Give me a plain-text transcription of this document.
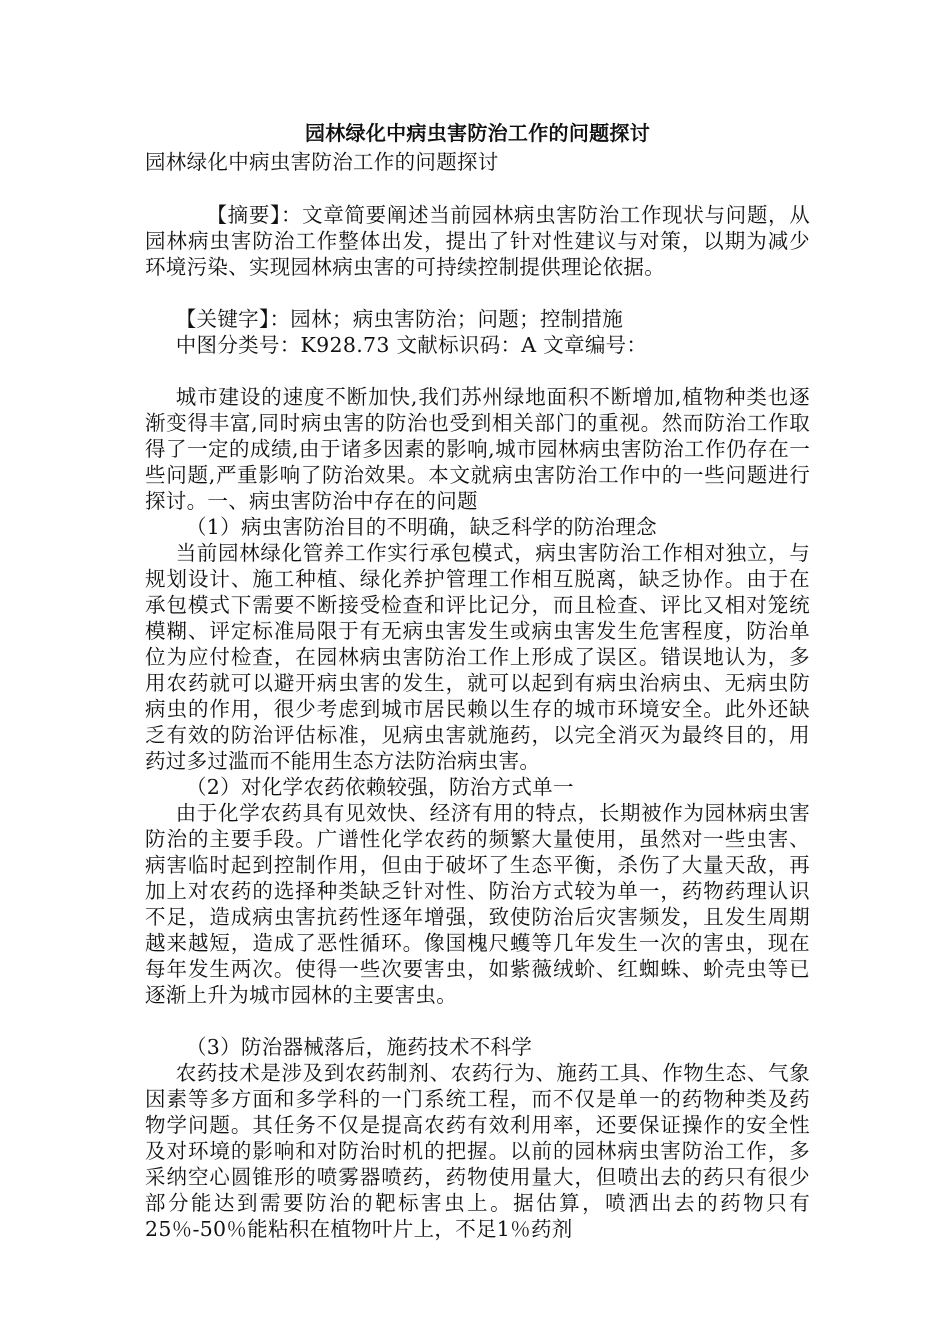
园林绿化中病虫害防治工作的问题探讨

园林绿化中病虫害防治工作的问题探讨

【摘要】：文章简要阐述当前园林病虫害防治工作现状与问题，从园林病虫害防治工作整体出发，提出了针对性建议与对策，以期为减少环境污染、实现园林病虫害的可持续控制提供理论依据。

【关键字】：园林；病虫害防治；问题；控制措施

中图分类号：K928.73 文献标识码：A 文章编号：

城市建设的速度不断加快,我们苏州绿地面积不断增加,植物种类也逐渐变得丰富,同时病虫害的防治也受到相关部门的重视。然而防治工作取得了一定的成绩,由于诸多因素的影响,城市园林病虫害防治工作仍存在一些问题,严重影响了防治效果。本文就病虫害防治工作中的一些问题进行探讨。一、病虫害防治中存在的问题

（1）病虫害防治目的不明确，缺乏科学的防治理念

当前园林绿化管养工作实行承包模式，病虫害防治工作相对独立，与规划设计、施工种植、绿化养护管理工作相互脱离，缺乏协作。由于在承包模式下需要不断接受检查和评比记分，而且检查、评比又相对笼统模糊、评定标准局限于有无病虫害发生或病虫害发生危害程度，防治单位为应付检查，在园林病虫害防治工作上形成了误区。错误地认为，多用农药就可以避开病虫害的发生，就可以起到有病虫治病虫、无病虫防病虫的作用，很少考虑到城市居民赖以生存的城市环境安全。此外还缺乏有效的防治评估标准，见病虫害就施药，以完全消灭为最终目的，用药过多过滥而不能用生态方法防治病虫害。

（2）对化学农药依赖较强，防治方式单一

由于化学农药具有见效快、经济有用的特点，长期被作为园林病虫害防治的主要手段。广谱性化学农药的频繁大量使用，虽然对一些虫害、病害临时起到控制作用，但由于破坏了生态平衡，杀伤了大量天敌，再加上对农药的选择种类缺乏针对性、防治方式较为单一，药物药理认识不足，造成病虫害抗药性逐年增强，致使防治后灾害频发，且发生周期越来越短，造成了恶性循环。像国槐尺蠖等几年发生一次的害虫，现在每年发生两次。使得一些次要害虫，如紫薇绒蚧、红蜘蛛、蚧壳虫等已逐渐上升为城市园林的主要害虫。

（3）防治器械落后，施药技术不科学

农药技术是涉及到农药制剂、农药行为、施药工具、作物生态、气象因素等多方面和多学科的一门系统工程，而不仅是单一的药物种类及药物学问题。其任务不仅是提高农药有效利用率，还要保证操作的安全性及对环境的影响和对防治时机的把握。以前的园林病虫害防治工作，多采纳空心圆锥形的喷雾器喷药，药物使用量大，但喷出去的药只有很少部分能达到需要防治的靶标害虫上。据估算，喷洒出去的药物只有25％-50％能粘积在植物叶片上，不足1％药剂
